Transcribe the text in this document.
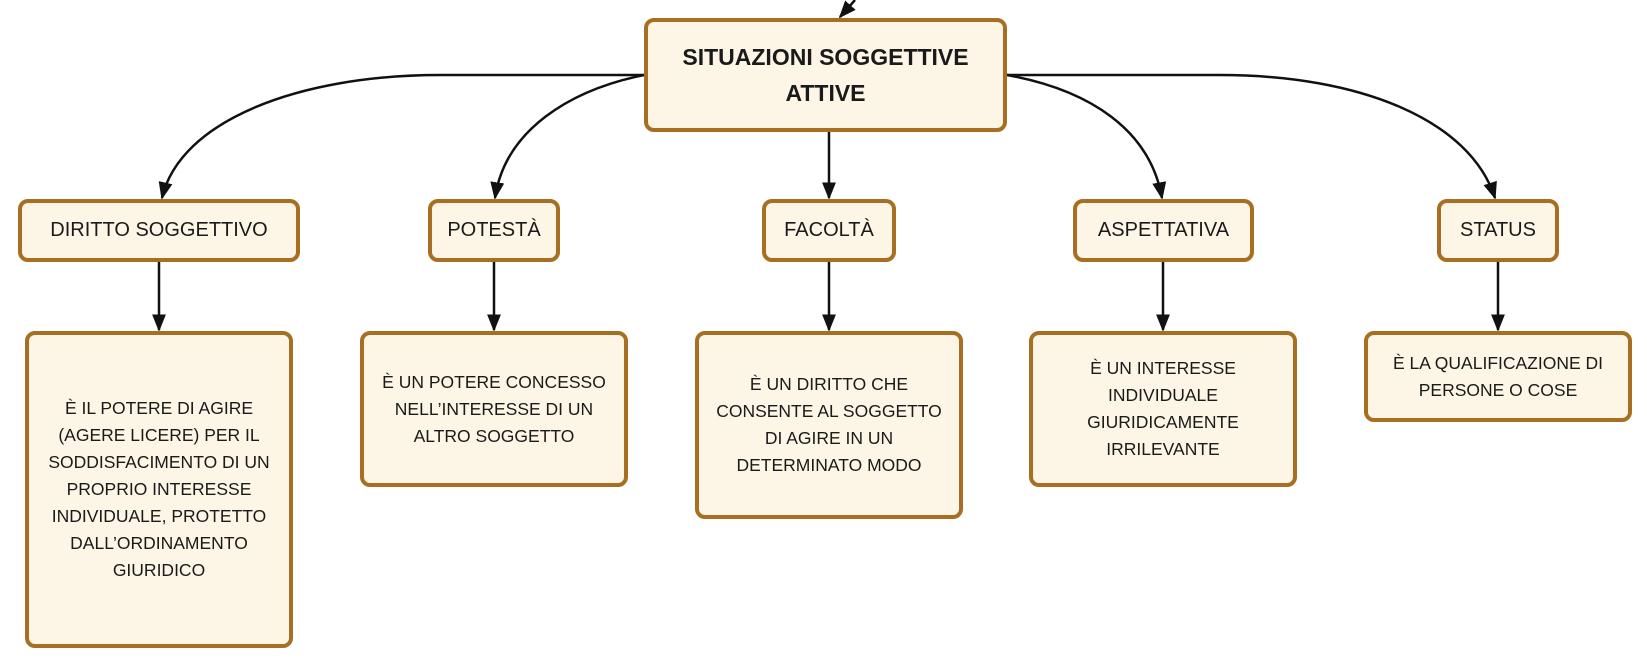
SITUAZIONI SOGGETTIVE ATTIVE
DIRITTO SOGGETTIVO	POTESTÀ	FACOLTÀ	ASPETTATIVA	STATUS
È IL POTERE DI AGIRE (AGERE LICERE) PER IL SODDISFACIMENTO DI UN PROPRIO INTERESSE INDIVIDUALE, PROTETTO DALL’ORDINAMENTO GIURIDICO
È UN POTERE CONCESSO NELL’INTERESSE DI UN ALTRO SOGGETTO
È UN DIRITTO CHE CONSENTE AL SOGGETTO DI AGIRE IN UN DETERMINATO MODO
È UN INTERESSE INDIVIDUALE GIURIDICAMENTE IRRILEVANTE
È LA QUALIFICAZIONE DI PERSONE O COSE
